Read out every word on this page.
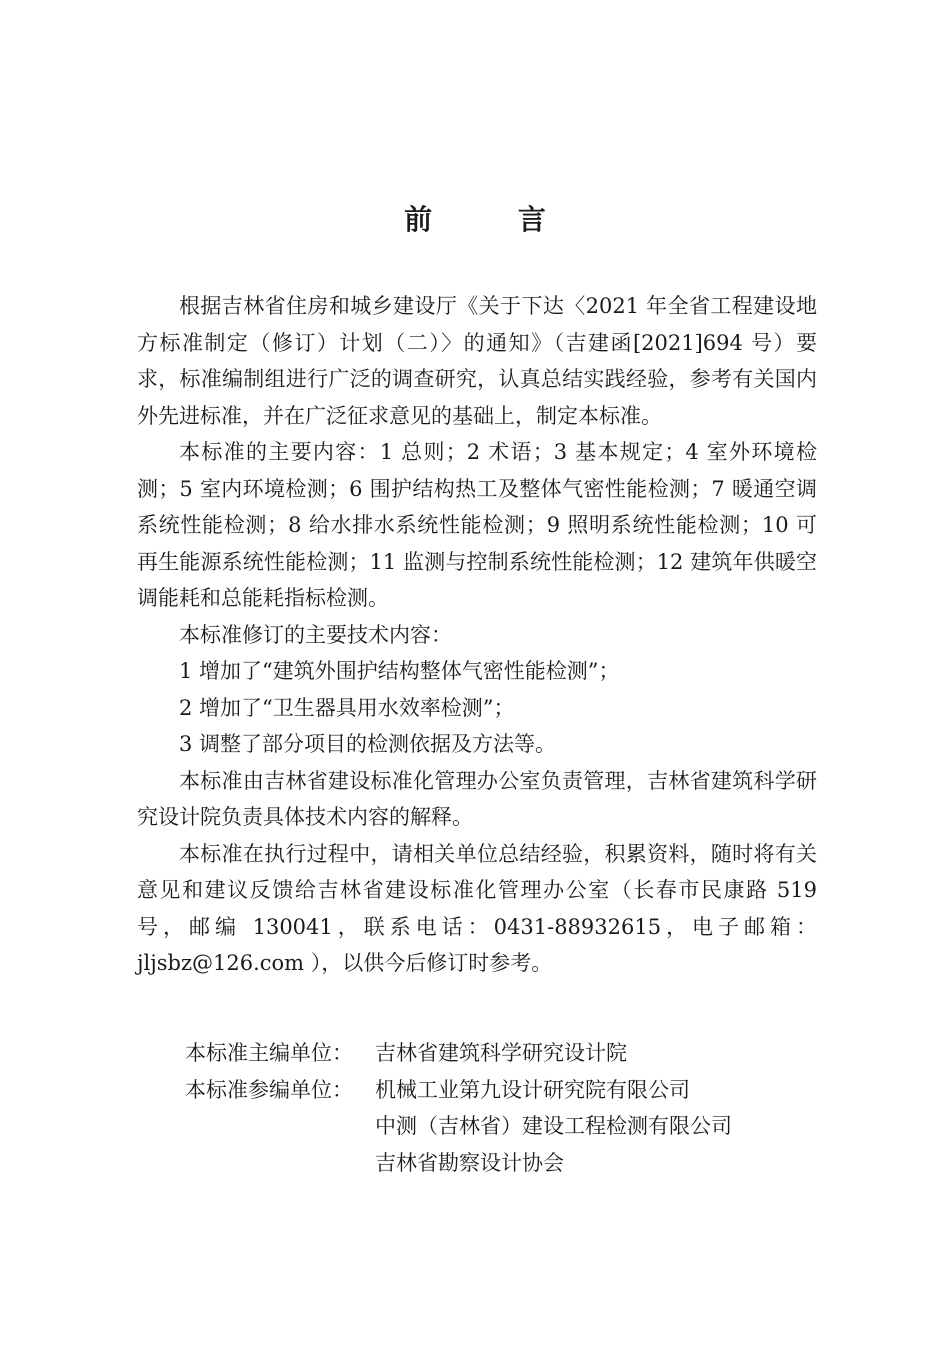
前 言

根据吉林省住房和城乡建设厅《关于下达〈2021 年全省工程建设地方标准制定（修订）计划（二）〉的通知》（吉建函[2021]694 号）要求，标准编制组进行广泛的调查研究，认真总结实践经验，参考有关国内外先进标准，并在广泛征求意见的基础上，制定本标准。

本标准的主要内容：1 总则；2 术语；3 基本规定；4 室外环境检测；5 室内环境检测；6 围护结构热工及整体气密性能检测；7 暖通空调系统性能检测；8 给水排水系统性能检测；9 照明系统性能检测；10 可再生能源系统性能检测；11 监测与控制系统性能检测；12 建筑年供暖空调能耗和总能耗指标检测。

本标准修订的主要技术内容：

1 增加了“建筑外围护结构整体气密性能检测”；

2 增加了“卫生器具用水效率检测”；

3 调整了部分项目的检测依据及方法等。

本标准由吉林省建设标准化管理办公室负责管理，吉林省建筑科学研究设计院负责具体技术内容的解释。

本标准在执行过程中，请相关单位总结经验，积累资料，随时将有关意见和建议反馈给吉林省建设标准化管理办公室（长春市民康路 519 号，邮编 130041，联系电话：0431-88932615，电子邮箱：jljsbz@126.com ），以供今后修订时参考。

本标准主编单位：	吉林省建筑科学研究设计院
本标准参编单位：	机械工业第九设计研究院有限公司
中测（吉林省）建设工程检测有限公司
吉林省勘察设计协会
